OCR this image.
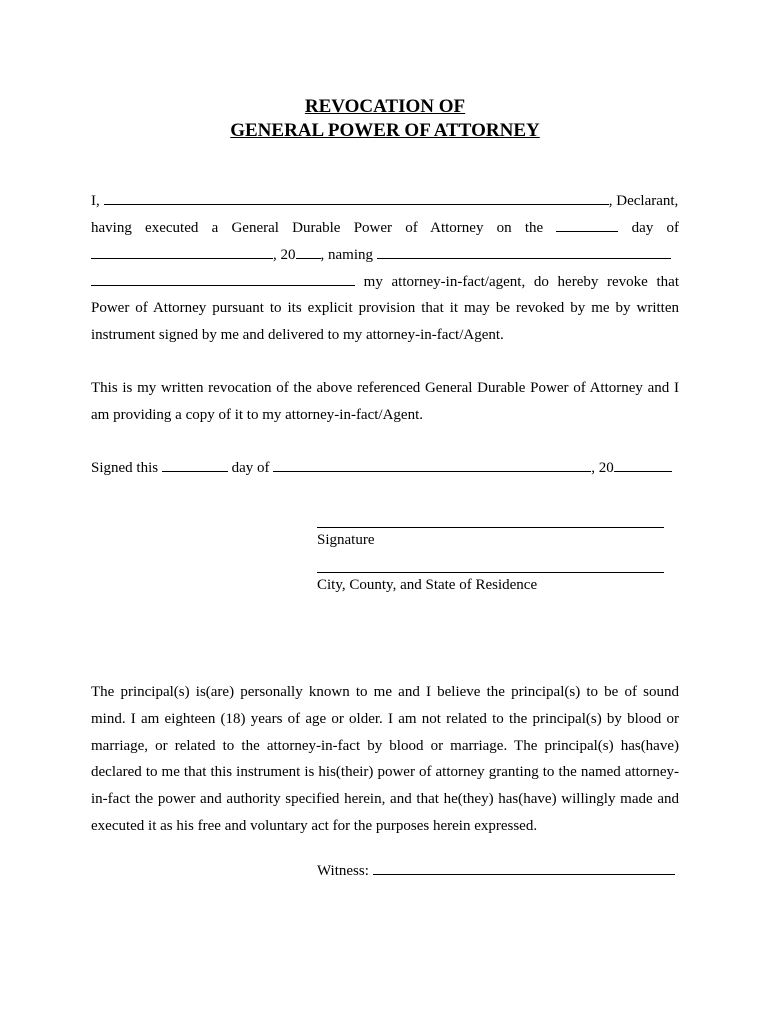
REVOCATION OF
GENERAL POWER OF ATTORNEY
I,	, Declarant,
having executed a General Durable Power of Attorney on the	day of
, 20 , naming
my attorney-in-fact/agent, do hereby revoke that
Power of Attorney pursuant to its explicit provision that it may be revoked by me by written
instrument signed by me and delivered to my attorney-in-fact/Agent.
This is my written revocation of the above referenced General Durable Power of Attorney and I
am providing a copy of it to my attorney-in-fact/Agent.
Signed this	day of	, 20
Signature
City, County, and State of Residence
The principal(s) is(are) personally known to me and I believe the principal(s) to be of sound
mind. I am eighteen (18) years of age or older. I am not related to the principal(s) by blood or
marriage, or related to the attorney-in-fact by blood or marriage. The principal(s) has(have)
declared to me that this instrument is his(their) power of attorney granting to the named attorney-
in-fact the power and authority specified herein, and that he(they) has(have) willingly made and
executed it as his free and voluntary act for the purposes herein expressed.
Witness:
